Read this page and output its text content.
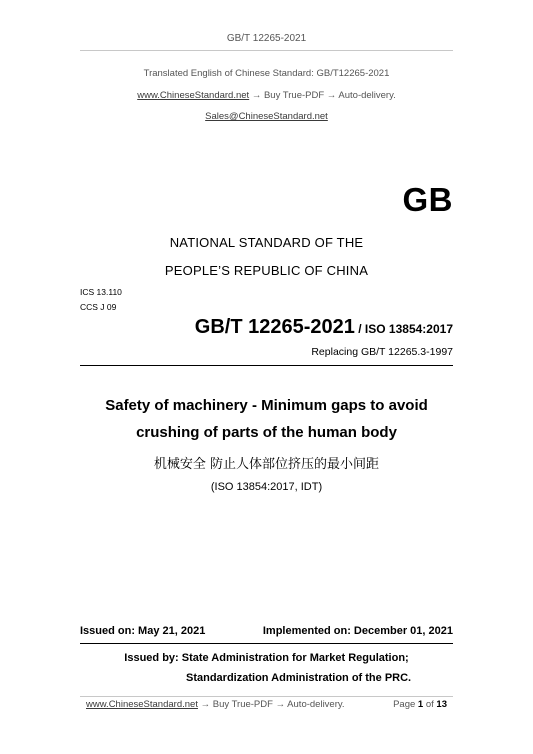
GB/T 12265-2021
Translated English of Chinese Standard: GB/T12265-2021
www.ChineseStandard.net → Buy True-PDF → Auto-delivery.
Sales@ChineseStandard.net
GB
NATIONAL STANDARD OF THE
PEOPLE’S REPUBLIC OF CHINA
ICS 13.110
CCS J 09
GB/T 12265-2021 / ISO 13854:2017
Replacing GB/T 12265.3-1997
Safety of machinery - Minimum gaps to avoid
crushing of parts of the human body
机械安全 防止人体部位挤压的最小间距
(ISO 13854:2017, IDT)
Issued on: May 21, 2021	Implemented on: December 01, 2021
Issued by: State Administration for Market Regulation;
Standardization Administration of the PRC.
www.ChineseStandard.net → Buy True-PDF → Auto-delivery.	Page 1 of 13
